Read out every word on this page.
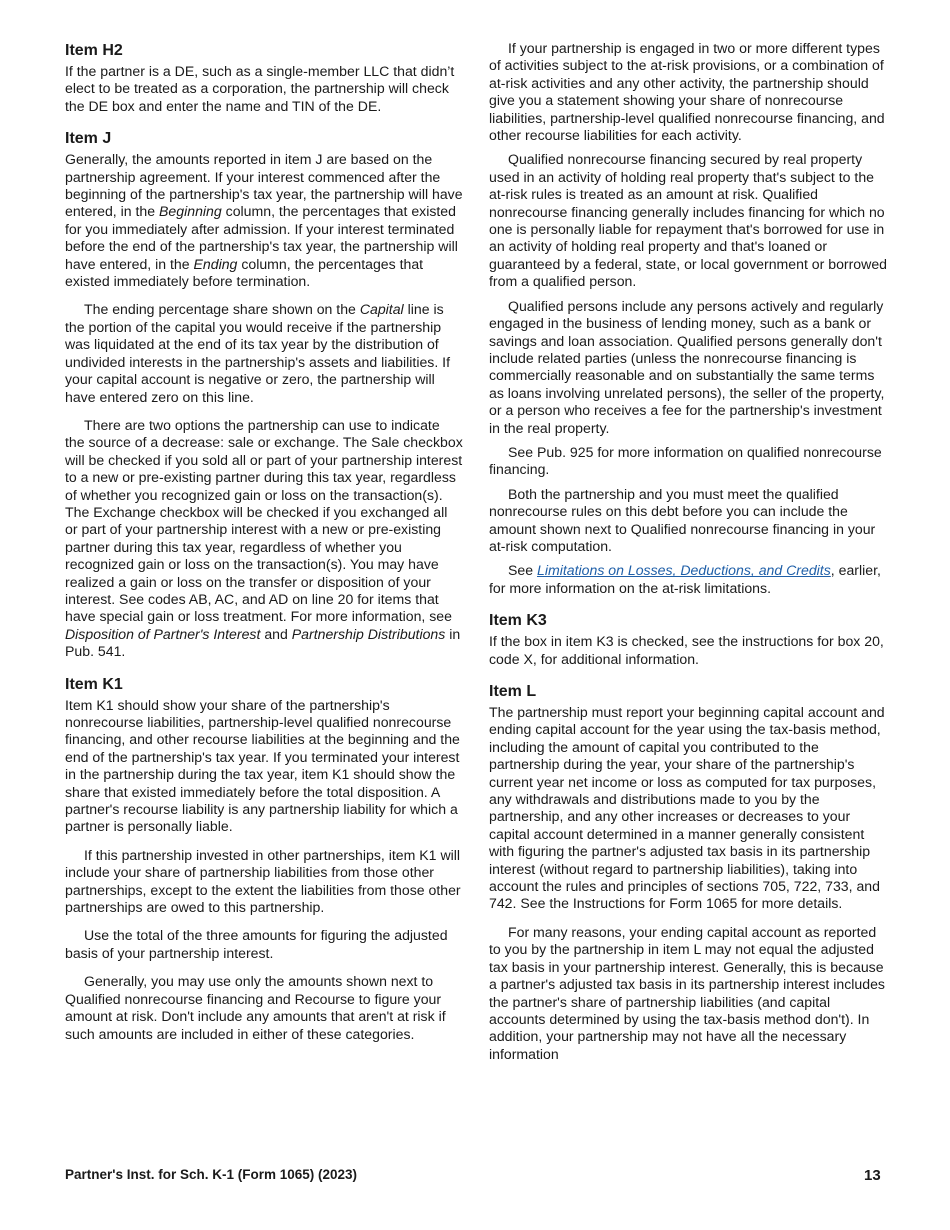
Item H2

If the partner is a DE, such as a single-member LLC that didn’t elect to be treated as a corporation, the partnership will check the DE box and enter the name and TIN of the DE.

Item J

Generally, the amounts reported in item J are based on the partnership agreement. If your interest commenced after the beginning of the partnership's tax year, the partnership will have entered, in the Beginning column, the percentages that existed for you immediately after admission. If your interest terminated before the end of the partnership's tax year, the partnership will have entered, in the Ending column, the percentages that existed immediately before termination.

The ending percentage share shown on the Capital line is the portion of the capital you would receive if the partnership was liquidated at the end of its tax year by the distribution of undivided interests in the partnership's assets and liabilities. If your capital account is negative or zero, the partnership will have entered zero on this line.

There are two options the partnership can use to indicate the source of a decrease: sale or exchange. The Sale checkbox will be checked if you sold all or part of your partnership interest to a new or pre-existing partner during this tax year, regardless of whether you recognized gain or loss on the transaction(s). The Exchange checkbox will be checked if you exchanged all or part of your partnership interest with a new or pre-existing partner during this tax year, regardless of whether you recognized gain or loss on the transaction(s). You may have realized a gain or loss on the transfer or disposition of your interest. See codes AB, AC, and AD on line 20 for items that have special gain or loss treatment. For more information, see Disposition of Partner's Interest and Partnership Distributions in Pub. 541.

Item K1

Item K1 should show your share of the partnership's nonrecourse liabilities, partnership-level qualified nonrecourse financing, and other recourse liabilities at the beginning and the end of the partnership's tax year. If you terminated your interest in the partnership during the tax year, item K1 should show the share that existed immediately before the total disposition. A partner's recourse liability is any partnership liability for which a partner is personally liable.

If this partnership invested in other partnerships, item K1 will include your share of partnership liabilities from those other partnerships, except to the extent the liabilities from those other partnerships are owed to this partnership.

Use the total of the three amounts for figuring the adjusted basis of your partnership interest.

Generally, you may use only the amounts shown next to Qualified nonrecourse financing and Recourse to figure your amount at risk. Don't include any amounts that aren't at risk if such amounts are included in either of these categories.

If your partnership is engaged in two or more different types of activities subject to the at-risk provisions, or a combination of at-risk activities and any other activity, the partnership should give you a statement showing your share of nonrecourse liabilities, partnership-level qualified nonrecourse financing, and other recourse liabilities for each activity.

Qualified nonrecourse financing secured by real property used in an activity of holding real property that's subject to the at-risk rules is treated as an amount at risk. Qualified nonrecourse financing generally includes financing for which no one is personally liable for repayment that's borrowed for use in an activity of holding real property and that's loaned or guaranteed by a federal, state, or local government or borrowed from a qualified person.

Qualified persons include any persons actively and regularly engaged in the business of lending money, such as a bank or savings and loan association. Qualified persons generally don't include related parties (unless the nonrecourse financing is commercially reasonable and on substantially the same terms as loans involving unrelated persons), the seller of the property, or a person who receives a fee for the partnership's investment in the real property.

See Pub. 925 for more information on qualified nonrecourse financing.

Both the partnership and you must meet the qualified nonrecourse rules on this debt before you can include the amount shown next to Qualified nonrecourse financing in your at-risk computation.

See Limitations on Losses, Deductions, and Credits, earlier, for more information on the at-risk limitations.

Item K3

If the box in item K3 is checked, see the instructions for box 20, code X, for additional information.

Item L

The partnership must report your beginning capital account and ending capital account for the year using the tax-basis method, including the amount of capital you contributed to the partnership during the year, your share of the partnership's current year net income or loss as computed for tax purposes, any withdrawals and distributions made to you by the partnership, and any other increases or decreases to your capital account determined in a manner generally consistent with figuring the partner's adjusted tax basis in its partnership interest (without regard to partnership liabilities), taking into account the rules and principles of sections 705, 722, 733, and 742. See the Instructions for Form 1065 for more details.

For many reasons, your ending capital account as reported to you by the partnership in item L may not equal the adjusted tax basis in your partnership interest. Generally, this is because a partner's adjusted tax basis in its partnership interest includes the partner's share of partnership liabilities (and capital accounts determined by using the tax-basis method don't). In addition, your partnership may not have all the necessary information

Partner's Inst. for Sch. K-1 (Form 1065) (2023)	13
